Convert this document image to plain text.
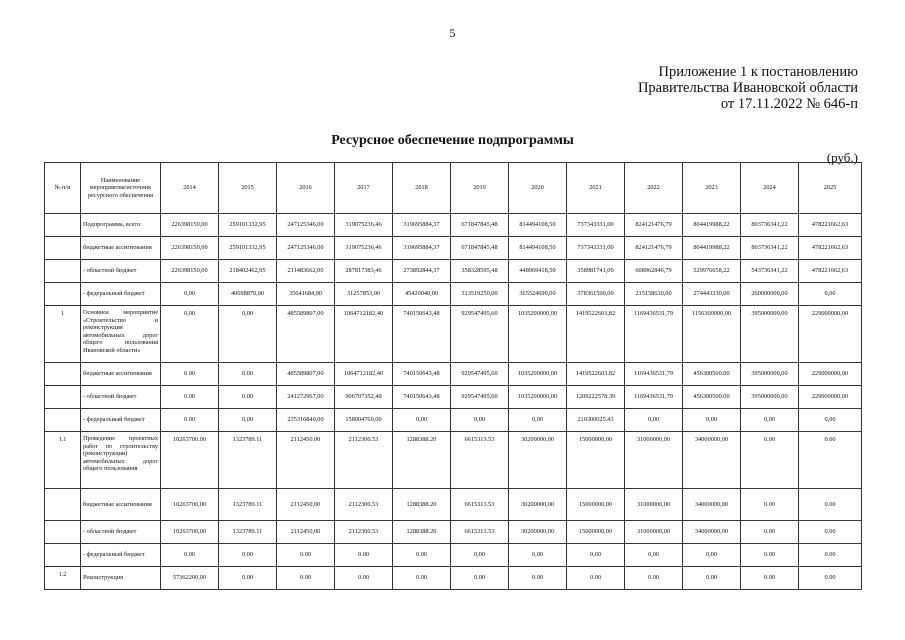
5
Приложение 1 к постановлению
Правительства Ивановской области
от 17.11.2022 № 646-п
Ресурсное обеспечение подпрограммы
(руб.)
№ п/п	Наименование мероприятия/источник ресурсного обеспечения	2014	2015	2016	2017	2018	2019	2020	2021	2022	2023	2024	2025
	Подпрограмма, всего:	226398150,00	259101332,95	247125346,00	319075236,46	319695884,37	671847845,48	814494108,50	737343331,00	824121476,79	804419988,22	803736341,22	478221662,63
	бюджетные ассигнования	226398150,00	259101332,95	247125346,00	319075236,46	319695884,37	671847845,48	814494108,50	737343331,00	824121476,79	804419988,22	803736341,22	478221662,63
	- областной бюджет	226398150,00	218402462,95	211483662,00	287817383,46	273892844,37	358328595,48	448969418,50	358981741,00	608962846,79	529976658,22	543736341,22	478221662,63
	- федеральный бюджет	0,00	40698870,00	35641684,00	31257853,00	45420040,00	313519250,00	365524690,00	378361590,00	215158630,00	274443330,00	260000000,00	0,00
1	Основное мероприятие «Строительство и реконструкция автомобильных дорог общего пользования Ивановской области»	0,00	0,00	485589807,00	1064712182,40	740150643,48	929547495,60	1035200000,00	1419522603,82	1169436531,79	1156300000,00	395000000,00	229000000,00
	бюджетные ассигнования	0.00	0.00	485589807,00	1064712182,40	740150643,48	929547495,60	1035200000,00	1419522603.82	1169436531,79	456300500.00	395000000,00	229000000,00
	- областной бюджет	0.00	0.00	241272967,00	906707352,40	740150643,48	929547495,60	1035200000,00	1209222578.39	1169436531,79	456300500.00	395000000,00	229000000,00
	- федеральный бюджет	0.00	0.00	235316840,00	158004760,00	0,00	0,00	0,00	210300025.43	0,00	0,00	0,00	0,00
1.1	Проведение проектных работ по строительству (реконструкции) автомобильных дорог общего пользования	10263700.00	1323789.11	2112450.00	2112300.53	1288388.20	6615313.53	30200000,00	15000000,00	31000000,00	34000000,00	0.00	0.00
	бюджетные ассигнования	10263700,00	1323789.11	2112450,00	2112300.53	1288388.20	6615313.53	30200000,00	15000000,00	31000000,00	34000000,00	0.00	0.00
	- областной бюджет	10263700,00	1323789.11	2112450,00	2112300.53	1288388.20	6615313.53	30200000,00	15000000,00	31000000,00	34000000,00	0.00	0.00
	- федеральный бюджет	0.00	0.00	0.00	0.00	0.00	0,00	0,00	0,00	0,00	0,00	0.00	0.00
1.2	Реконструкция	57362200,00	0.00	0.00	0.00	0.00	0.00	0.00	0.00	0.00	0.00	0.00	0.00
